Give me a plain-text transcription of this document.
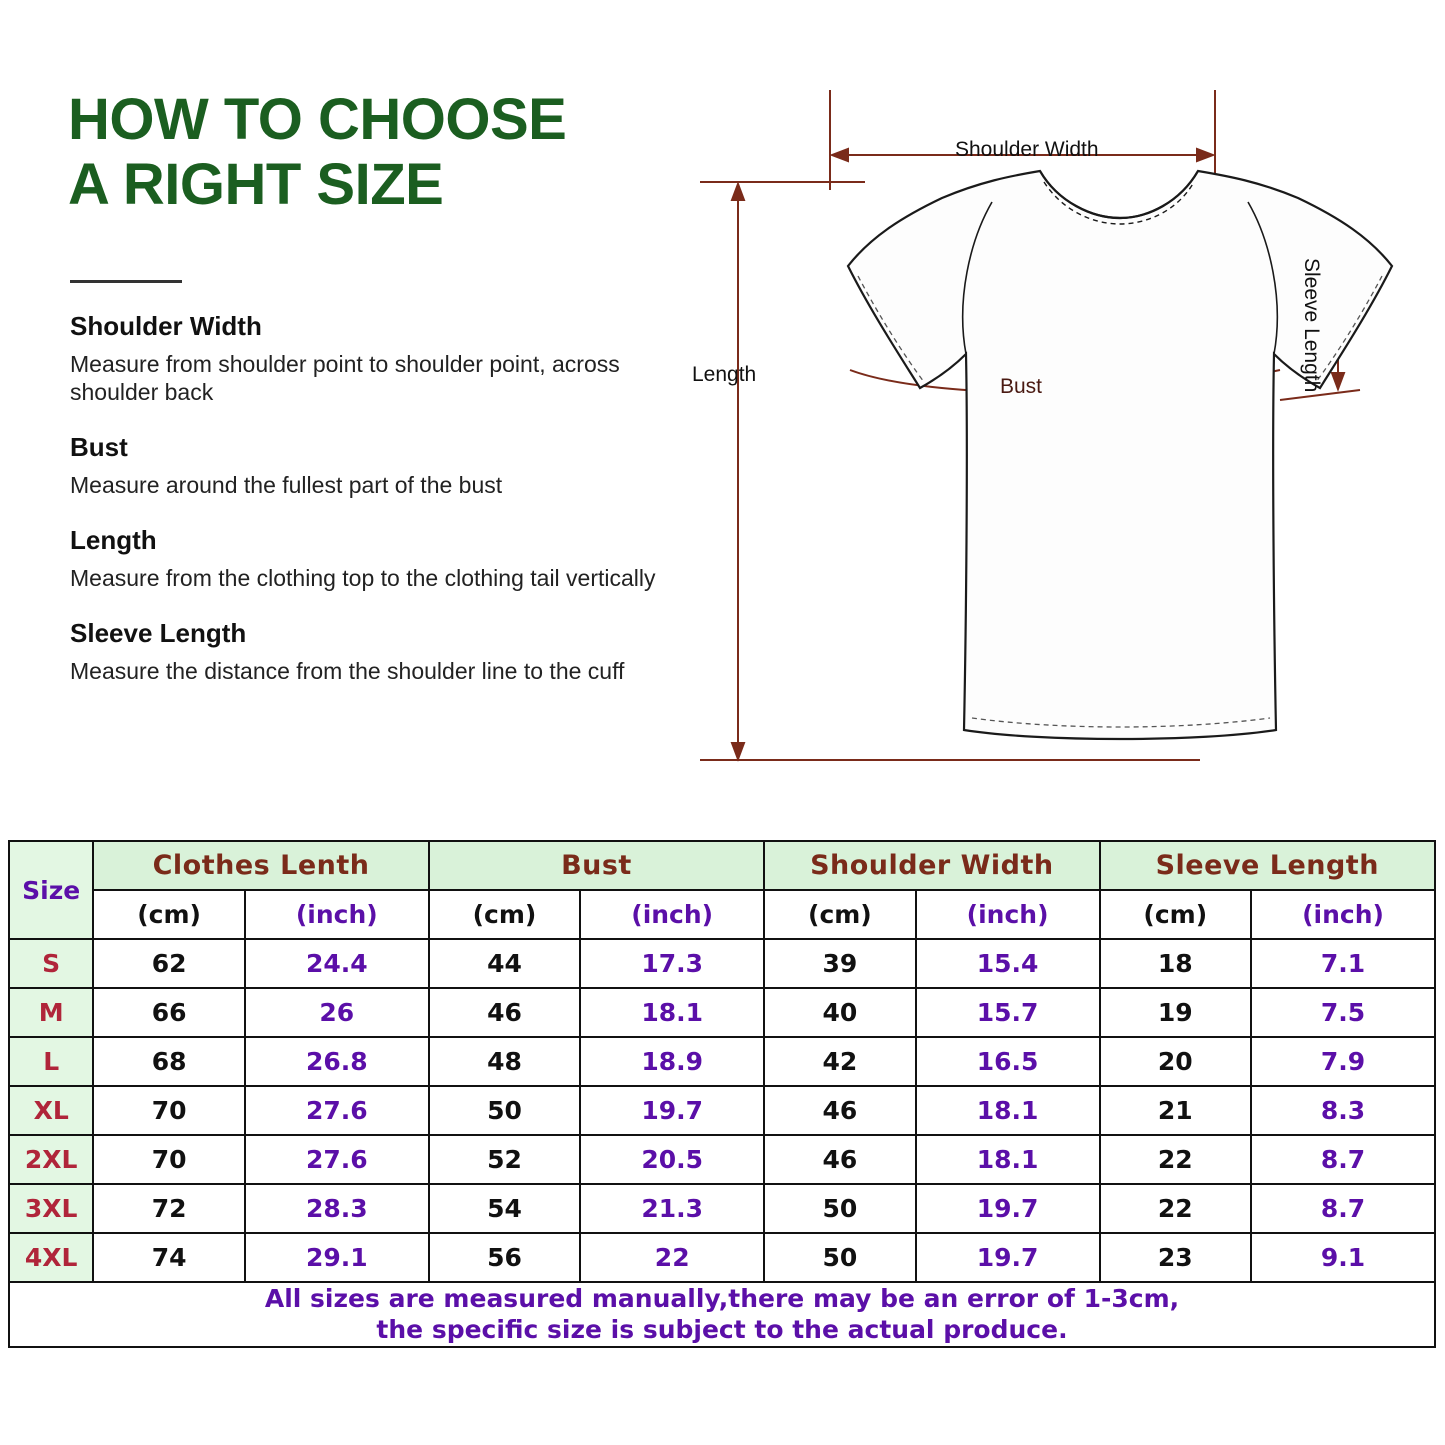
HOW TO CHOOSE
A RIGHT SIZE
Shoulder Width
Measure from shoulder point to shoulder point, across shoulder back
Bust
Measure around the fullest part of the bust
Length
Measure from the clothing top to the clothing tail vertically
Sleeve Length
Measure the distance from the shoulder line to the cuff
Shoulder Width
Bust
Length
Sleeve Length
Size	Clothes Lenth		Bust		Shoulder Width		Sleeve Length	
	(cm)	(inch)	(cm)	(inch)	(cm)	(inch)	(cm)	(inch)
S	62	24.4	44	17.3	39	15.4	18	7.1
M	66	26	46	18.1	40	15.7	19	7.5
L	68	26.8	48	18.9	42	16.5	20	7.9
XL	70	27.6	50	19.7	46	18.1	21	8.3
2XL	70	27.6	52	20.5	46	18.1	22	8.7
3XL	72	28.3	54	21.3	50	19.7	22	8.7
4XL	74	29.1	56	22	50	19.7	23	9.1

All sizes are measured manually,there may be an error of 1-3cm,
the specific size is subject to the actual produce.								
